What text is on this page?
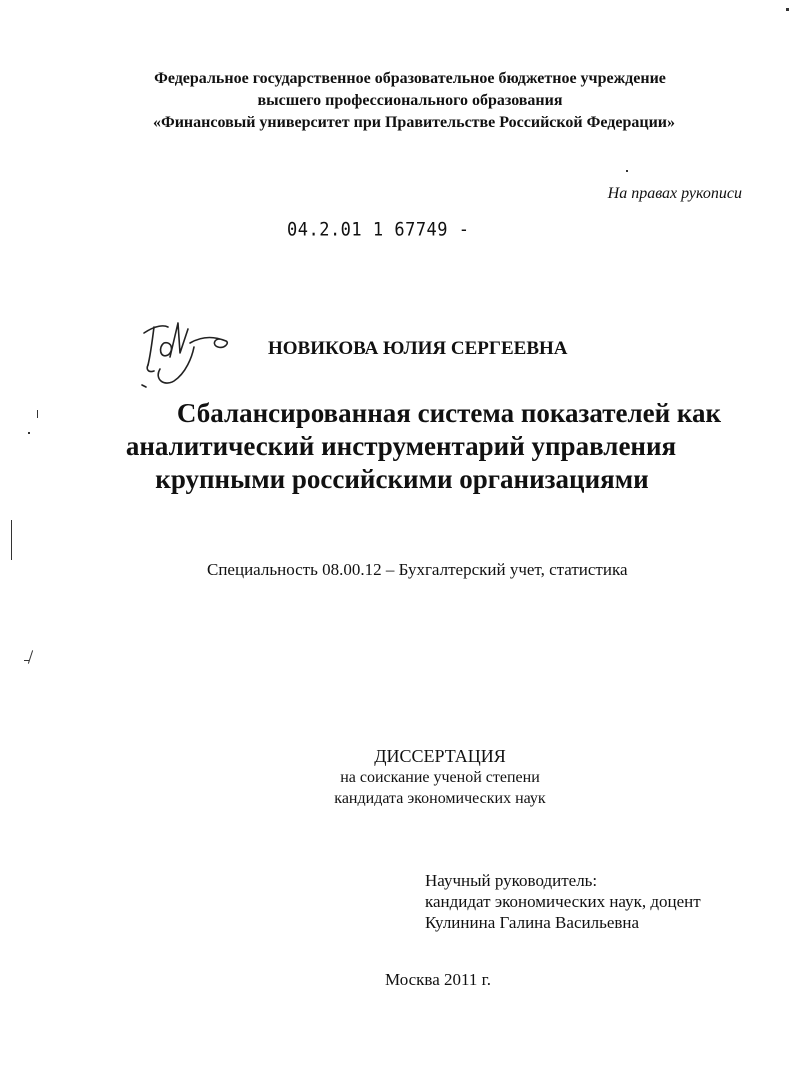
Федеральное государственное образовательное бюджетное учреждение
высшего профессионального образования
«Финансовый университет при Правительстве Российской Федерации»
На правах рукописи
04.2.01 1 67749 -
НОВИКОВА ЮЛИЯ СЕРГЕЕВНА
Сбалансированная система показателей как
аналитический инструментарий управления
крупными российскими организациями
Специальность 08.00.12 – Бухгалтерский учет, статистика
ДИССЕРТАЦИЯ
на соискание ученой степени
кандидата экономических наук
Научный руководитель:
кандидат экономических наук, доцент
Кулинина Галина Васильевна
Москва 2011 г.
